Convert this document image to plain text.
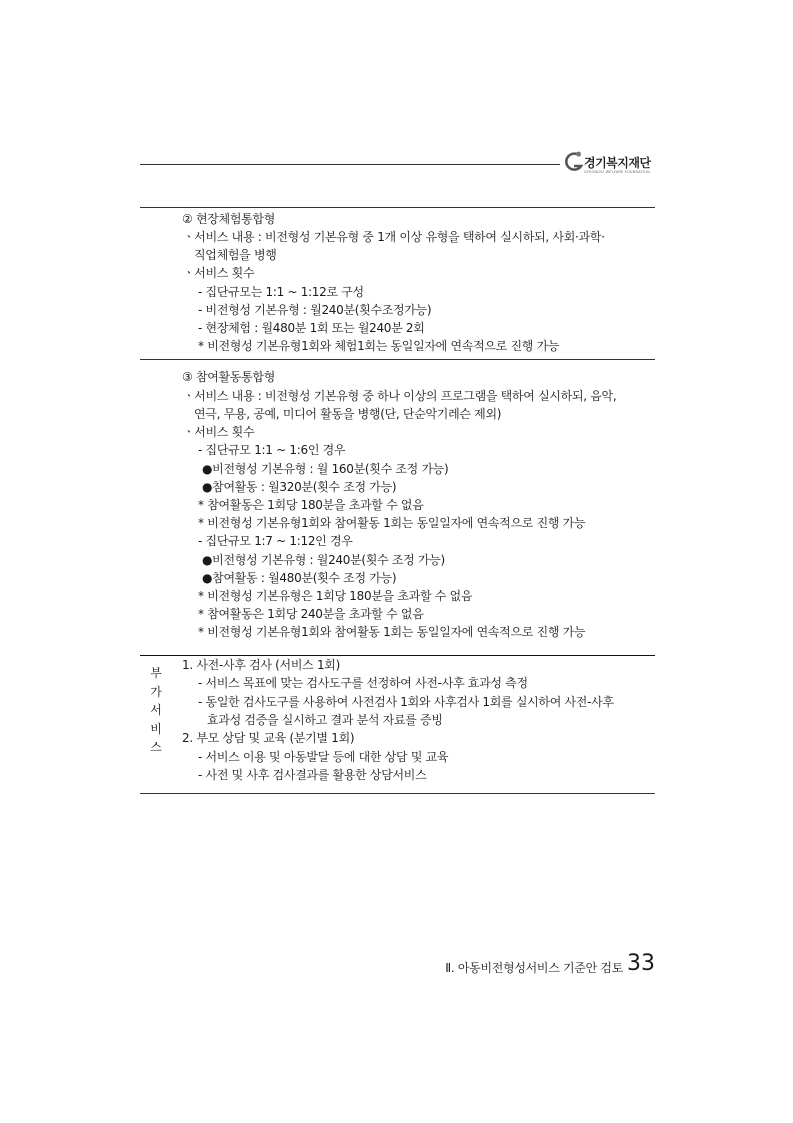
경기복지재단
GYEONGGI WELFARE FOUNDATION
② 현장체험통합형
ㆍ서비스 내용 : 비전형성 기본유형 중 1개 이상 유형을 택하여 실시하되, 사회·과학·
직업체험을 병행
ㆍ서비스 횟수
- 집단규모는 1:1 ~ 1:12로 구성
- 비전형성 기본유형 : 월240분(횟수조정가능)
- 현장체험 : 월480분 1회 또는 월240분 2회
* 비전형성 기본유형1회와 체험1회는 동일일자에 연속적으로 진행 가능
③ 참여활동통합형
ㆍ서비스 내용 : 비전형성 기본유형 중 하나 이상의 프로그램을 택하여 실시하되, 음악,
연극, 무용, 공예, 미디어 활동을 병행(단, 단순악기레슨 제외)
ㆍ서비스 횟수
- 집단규모 1:1 ~ 1:6인 경우
●비전형성 기본유형 : 월 160분(횟수 조정 가능)
●참여활동 : 월320분(횟수 조정 가능)
* 참여활동은 1회당 180분을 초과할 수 없음
* 비전형성 기본유형1회와 참여활동 1회는 동일일자에 연속적으로 진행 가능
- 집단규모 1:7 ~ 1:12인 경우
●비전형성 기본유형 : 월240분(횟수 조정 가능)
●참여활동 : 월480분(횟수 조정 가능)
* 비전형성 기본유형은 1회당 180분을 초과할 수 없음
* 참여활동은 1회당 240분을 초과할 수 없음
* 비전형성 기본유형1회와 참여활동 1회는 동일일자에 연속적으로 진행 가능
부
가
서
비
스
1. 사전-사후 검사 (서비스 1회)
- 서비스 목표에 맞는 검사도구를 선정하여 사전-사후 효과성 측정
- 동일한 검사도구를 사용하여 사전검사 1회와 사후검사 1회를 실시하여 사전-사후
효과성 검증을 실시하고 결과 분석 자료를 증빙
2. 부모 상담 및 교육 (분기별 1회)
- 서비스 이용 및 아동발달 등에 대한 상담 및 교육
- 사전 및 사후 검사결과를 활용한 상담서비스
Ⅱ. 아동비전형성서비스 기준안 검토 33
